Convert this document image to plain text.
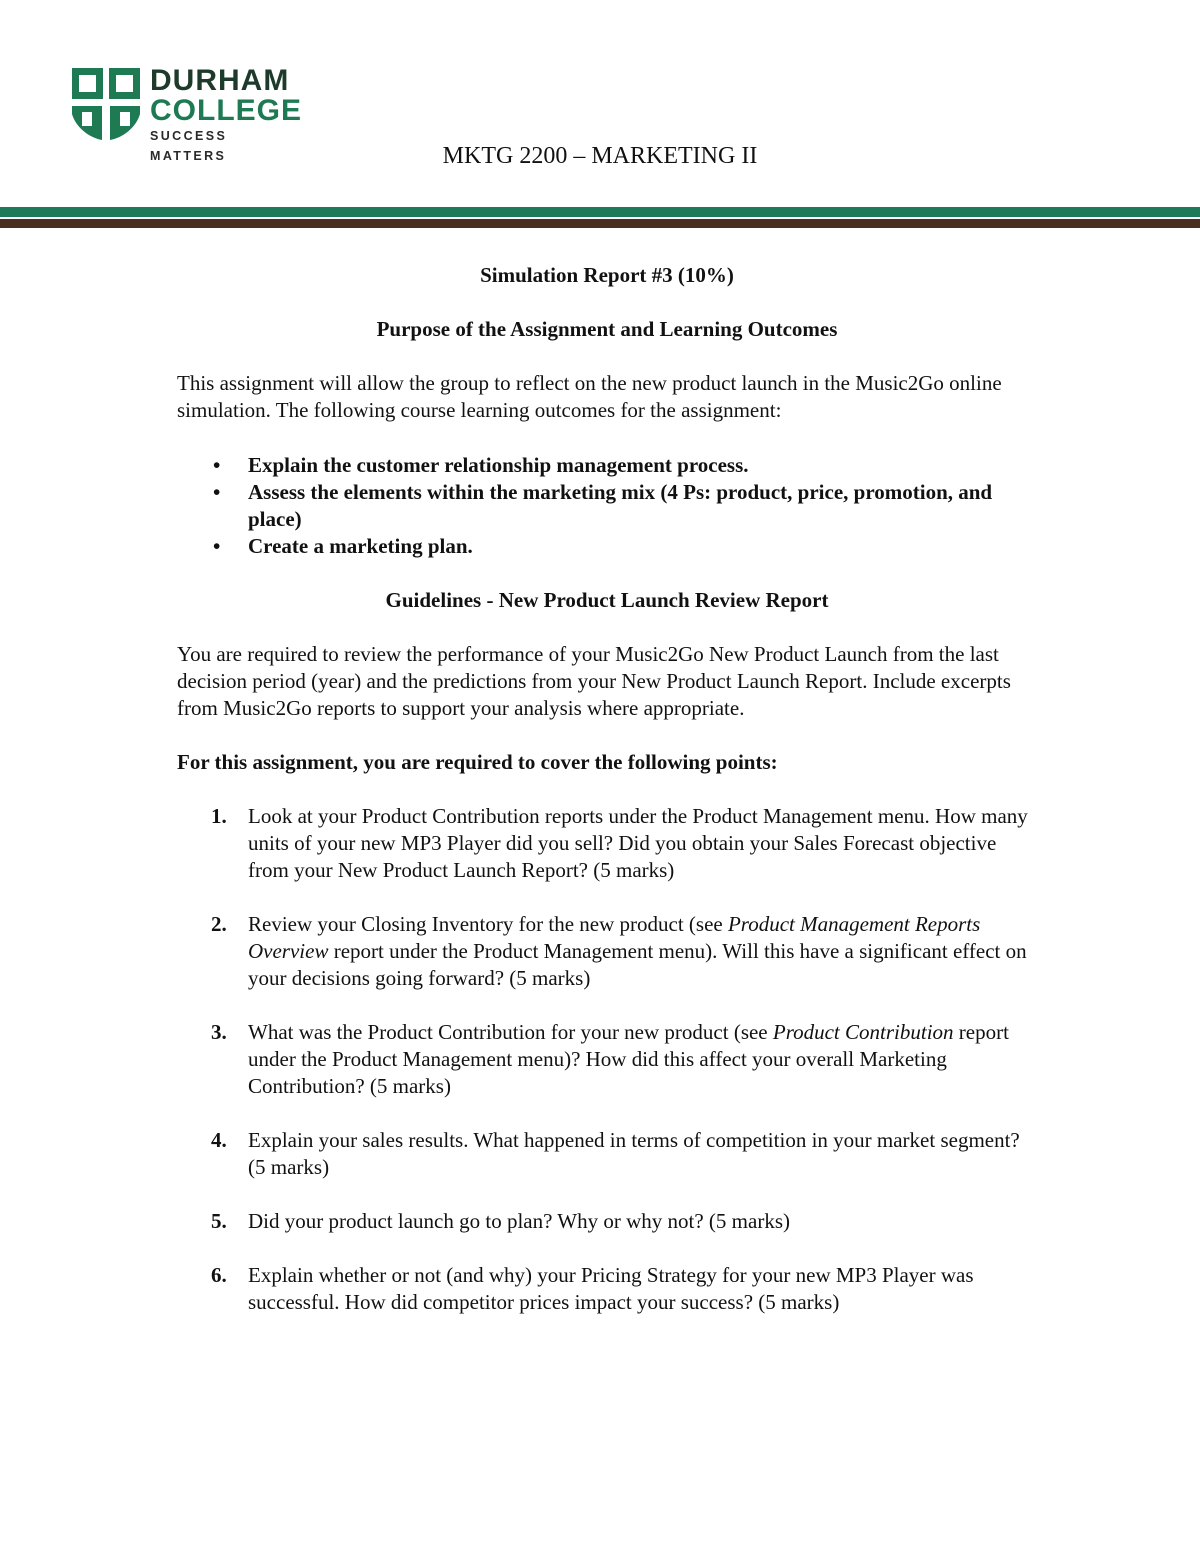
DURHAM
COLLEGE
SUCCESS MATTERS	MKTG 2200 – MARKETING II

Simulation Report #3 (10%)

Purpose of the Assignment and Learning Outcomes

This assignment will allow the group to reflect on the new product launch in the Music2Go online simulation. The following course learning outcomes for the assignment:

• Explain the customer relationship management process.
• Assess the elements within the marketing mix (4 Ps: product, price, promotion, and place)
• Create a marketing plan.

Guidelines - New Product Launch Review Report

You are required to review the performance of your Music2Go New Product Launch from the last decision period (year) and the predictions from your New Product Launch Report. Include excerpts from Music2Go reports to support your analysis where appropriate.

For this assignment, you are required to cover the following points:

1. Look at your Product Contribution reports under the Product Management menu. How many units of your new MP3 Player did you sell? Did you obtain your Sales Forecast objective from your New Product Launch Report? (5 marks)
2. Review your Closing Inventory for the new product (see Product Management Reports Overview report under the Product Management menu). Will this have a significant effect on your decisions going forward? (5 marks)
3. What was the Product Contribution for your new product (see Product Contribution report under the Product Management menu)? How did this affect your overall Marketing Contribution? (5 marks)
4. Explain your sales results. What happened in terms of competition in your market segment? (5 marks)
5. Did your product launch go to plan? Why or why not? (5 marks)
6. Explain whether or not (and why) your Pricing Strategy for your new MP3 Player was successful. How did competitor prices impact your success? (5 marks)
